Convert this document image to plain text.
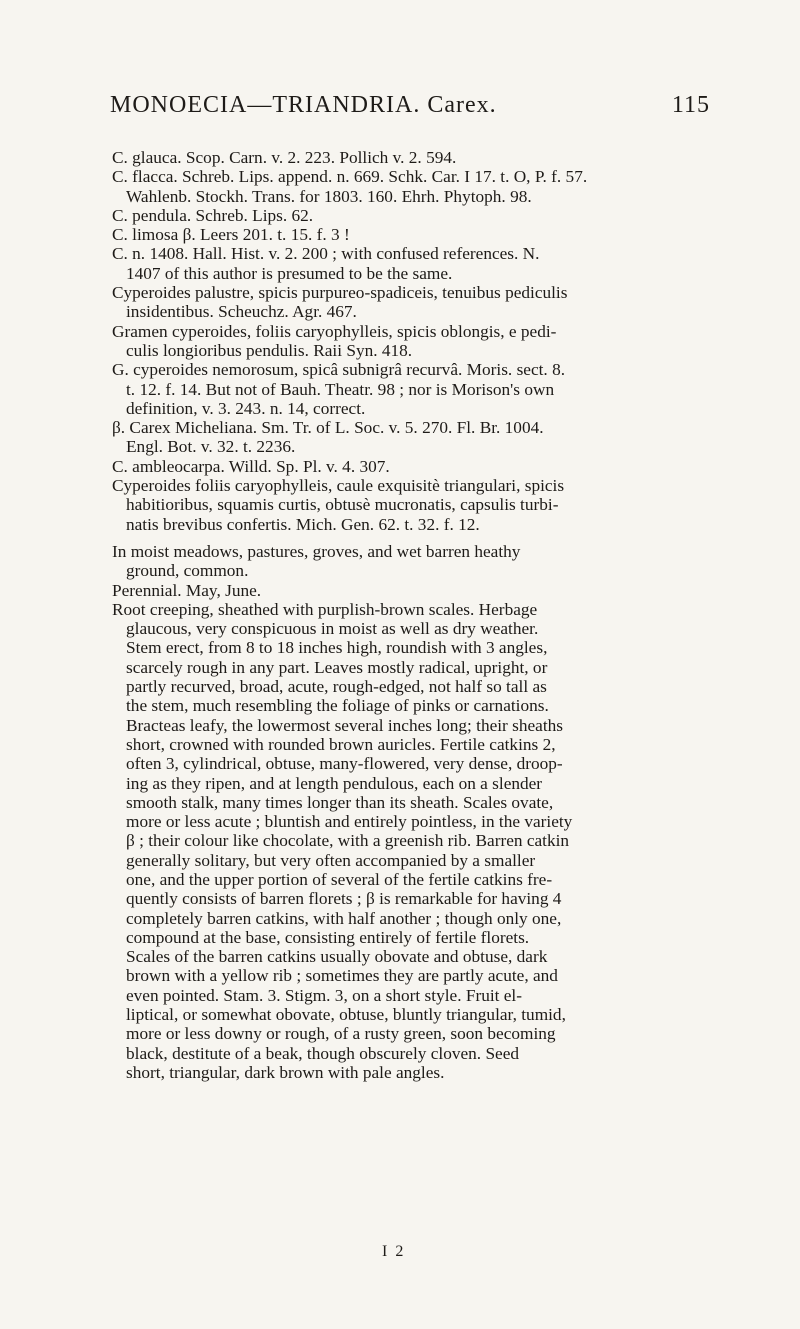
MONOECIA—TRIANDRIA. Carex.	115
C. glauca. Scop. Carn. v. 2. 223. Pollich v. 2. 594.
C. flacca. Schreb. Lips. append. n. 669. Schk. Car. I 17. t. O, P. f. 57.
Wahlenb. Stockh. Trans. for 1803. 160. Ehrh. Phytoph. 98.
C. pendula. Schreb. Lips. 62.
C. limosa β. Leers 201. t. 15. f. 3 !
C. n. 1408. Hall. Hist. v. 2. 200 ; with confused references. N.
1407 of this author is presumed to be the same.
Cyperoides palustre, spicis purpureo-spadiceis, tenuibus pediculis
insidentibus. Scheuchz. Agr. 467.
Gramen cyperoides, foliis caryophylleis, spicis oblongis, e pedi-
culis longioribus pendulis. Raii Syn. 418.
G. cyperoides nemorosum, spicâ subnigrâ recurvâ. Moris. sect. 8.
t. 12. f. 14. But not of Bauh. Theatr. 98 ; nor is Morison's own
definition, v. 3. 243. n. 14, correct.
β. Carex Micheliana. Sm. Tr. of L. Soc. v. 5. 270. Fl. Br. 1004.
Engl. Bot. v. 32. t. 2236.
C. ambleocarpa. Willd. Sp. Pl. v. 4. 307.
Cyperoides foliis caryophylleis, caule exquisitè triangulari, spicis
habitioribus, squamis curtis, obtusè mucronatis, capsulis turbi-
natis brevibus confertis. Mich. Gen. 62. t. 32. f. 12.
In moist meadows, pastures, groves, and wet barren heathy
ground, common.
Perennial. May, June.
Root creeping, sheathed with purplish-brown scales. Herbage
glaucous, very conspicuous in moist as well as dry weather.
Stem erect, from 8 to 18 inches high, roundish with 3 angles,
scarcely rough in any part. Leaves mostly radical, upright, or
partly recurved, broad, acute, rough-edged, not half so tall as
the stem, much resembling the foliage of pinks or carnations.
Bracteas leafy, the lowermost several inches long; their sheaths
short, crowned with rounded brown auricles. Fertile catkins 2,
often 3, cylindrical, obtuse, many-flowered, very dense, droop-
ing as they ripen, and at length pendulous, each on a slender
smooth stalk, many times longer than its sheath. Scales ovate,
more or less acute ; bluntish and entirely pointless, in the variety
β ; their colour like chocolate, with a greenish rib. Barren catkin
generally solitary, but very often accompanied by a smaller
one, and the upper portion of several of the fertile catkins fre-
quently consists of barren florets ; β is remarkable for having 4
completely barren catkins, with half another ; though only one,
compound at the base, consisting entirely of fertile florets.
Scales of the barren catkins usually obovate and obtuse, dark
brown with a yellow rib ; sometimes they are partly acute, and
even pointed. Stam. 3. Stigm. 3, on a short style. Fruit el-
liptical, or somewhat obovate, obtuse, bluntly triangular, tumid,
more or less downy or rough, of a rusty green, soon becoming
black, destitute of a beak, though obscurely cloven. Seed
short, triangular, dark brown with pale angles.
I 2
